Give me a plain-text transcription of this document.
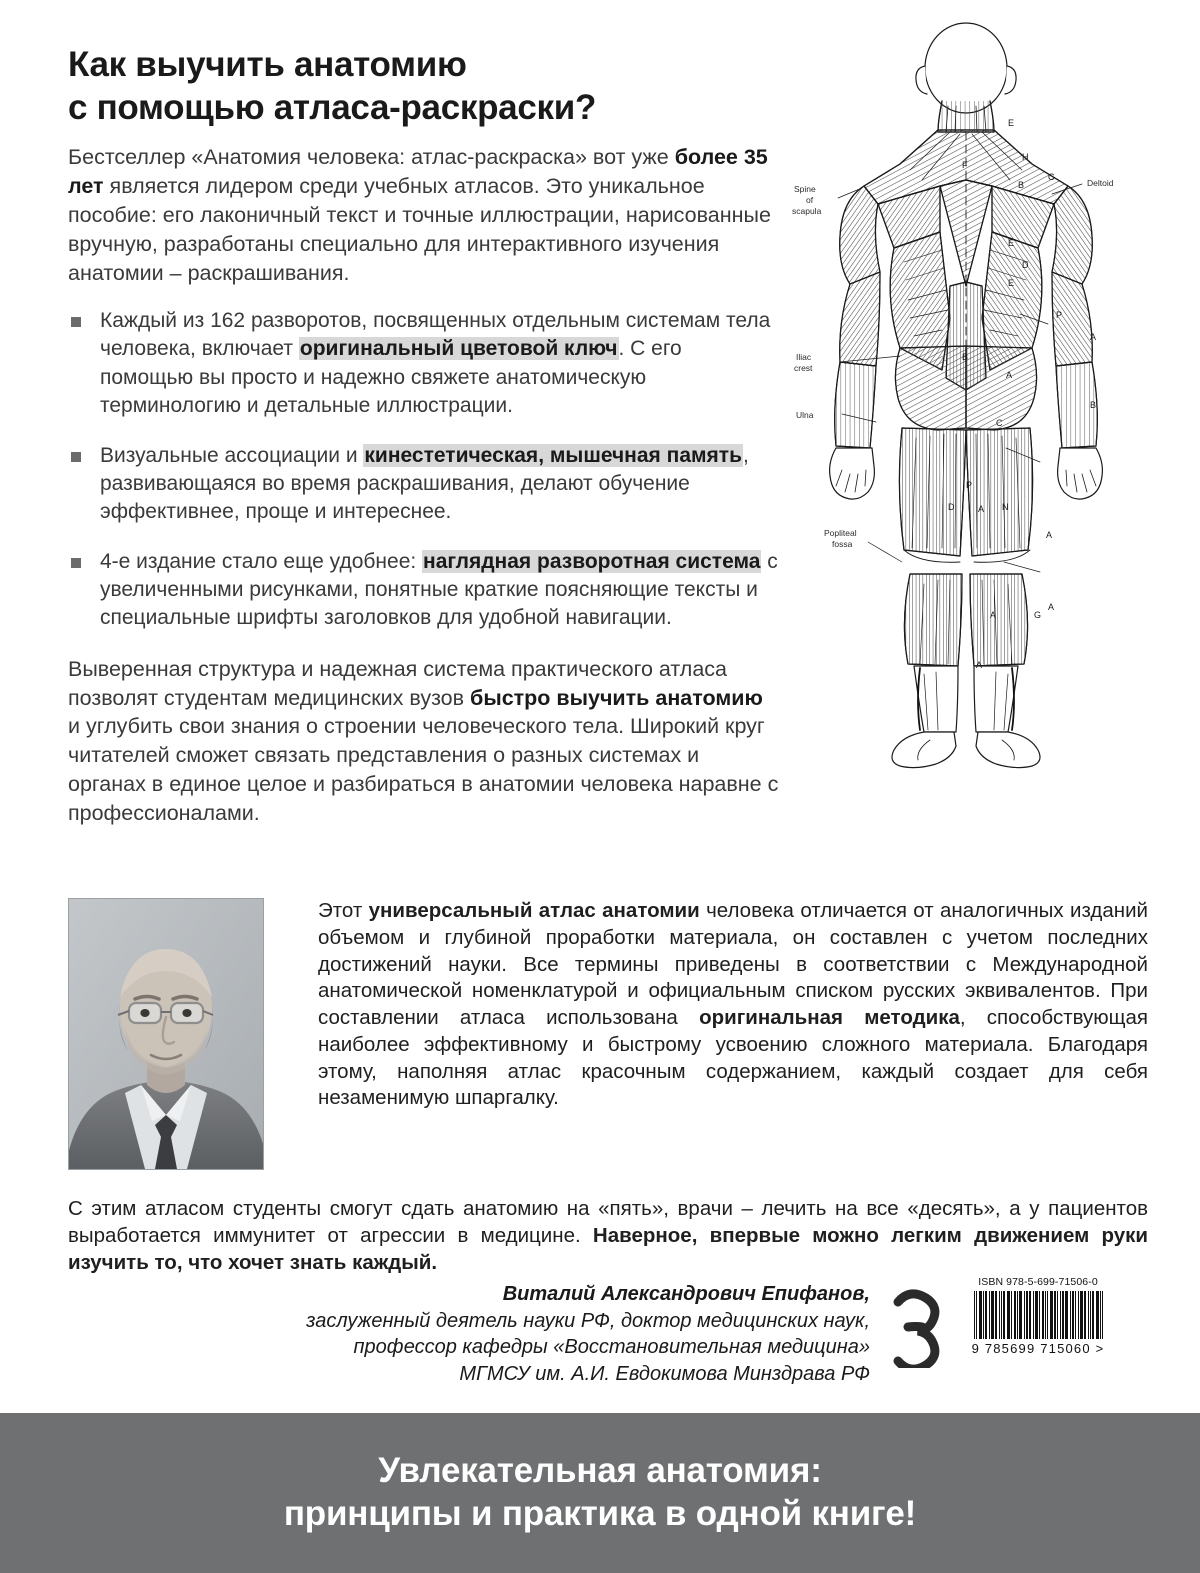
Как выучить анатомию
с помощью атласа-раскраски?

Бестселлер «Анатомия человека: атлас-раскраска» вот уже более 35 лет является лидером среди учебных атласов. Это уникальное пособие: его лаконичный текст и точные иллюстрации, нарисованные вручную, разработаны специально для интерактивного изучения анатомии – раскрашивания.

Каждый из 162 разворотов, посвященных отдельным системам тела человека, включает оригинальный цветовой ключ. С его помощью вы просто и надежно свяжете анатомическую терминологию и детальные иллюстрации.
Визуальные ассоциации и кинестетическая, мышечная память, развивающаяся во время раскрашивания, делают обучение эффективнее, проще и интереснее.
4-е издание стало еще удобнее: наглядная разворотная система с увеличенными рисунками, понятные краткие поясняющие тексты и специальные шрифты заголовков для удобной навигации.

Выверенная структура и надежная система практического атласа позволят студентам медицинских вузов быстро выучить анатомию и углубить свои знания о строении человеческого тела. Широкий круг читателей сможет связать представления о разных системах и органах в единое целое и разбираться в анатомии человека наравне с профессионалами.

Spine
of
scapula
Deltoid
Iliac
crest
Ulna
Popliteal
fossa
E
F
H
B
C
E
D
E
P
A
B
A
B
C
P
D	A N
A
A
A
A	G

Этот универсальный атлас анатомии человека отличается от аналогичных изданий объемом и глубиной проработки материала, он составлен с учетом последних достижений науки. Все термины приведены в соответствии с Международной анатомической номенклатурой и официальным списком русских эквивалентов. При составлении атласа использована оригинальная методика, способствующая наиболее эффективному и быстрому усвоению сложного материала. Благодаря этому, наполняя атлас красочным содержанием, каждый создает для себя незаменимую шпаргалку.

С этим атласом студенты смогут сдать анатомию на «пять», врачи – лечить на все «десять», а у пациентов выработается иммунитет от агрессии в медицине. Наверное, впервые можно легким движением руки изучить то, что хочет знать каждый.

Виталий Александрович Епифанов,
заслуженный деятель науки РФ, доктор медицинских наук,
профессор кафедры «Восстановительная медицина»
МГМСУ им. А.И. Евдокимова Минздрава РФ
ISBN 978-5-699-71506-0
9 785699 715060 >
Увлекательная анатомия:
принципы и практика в одной книге!
